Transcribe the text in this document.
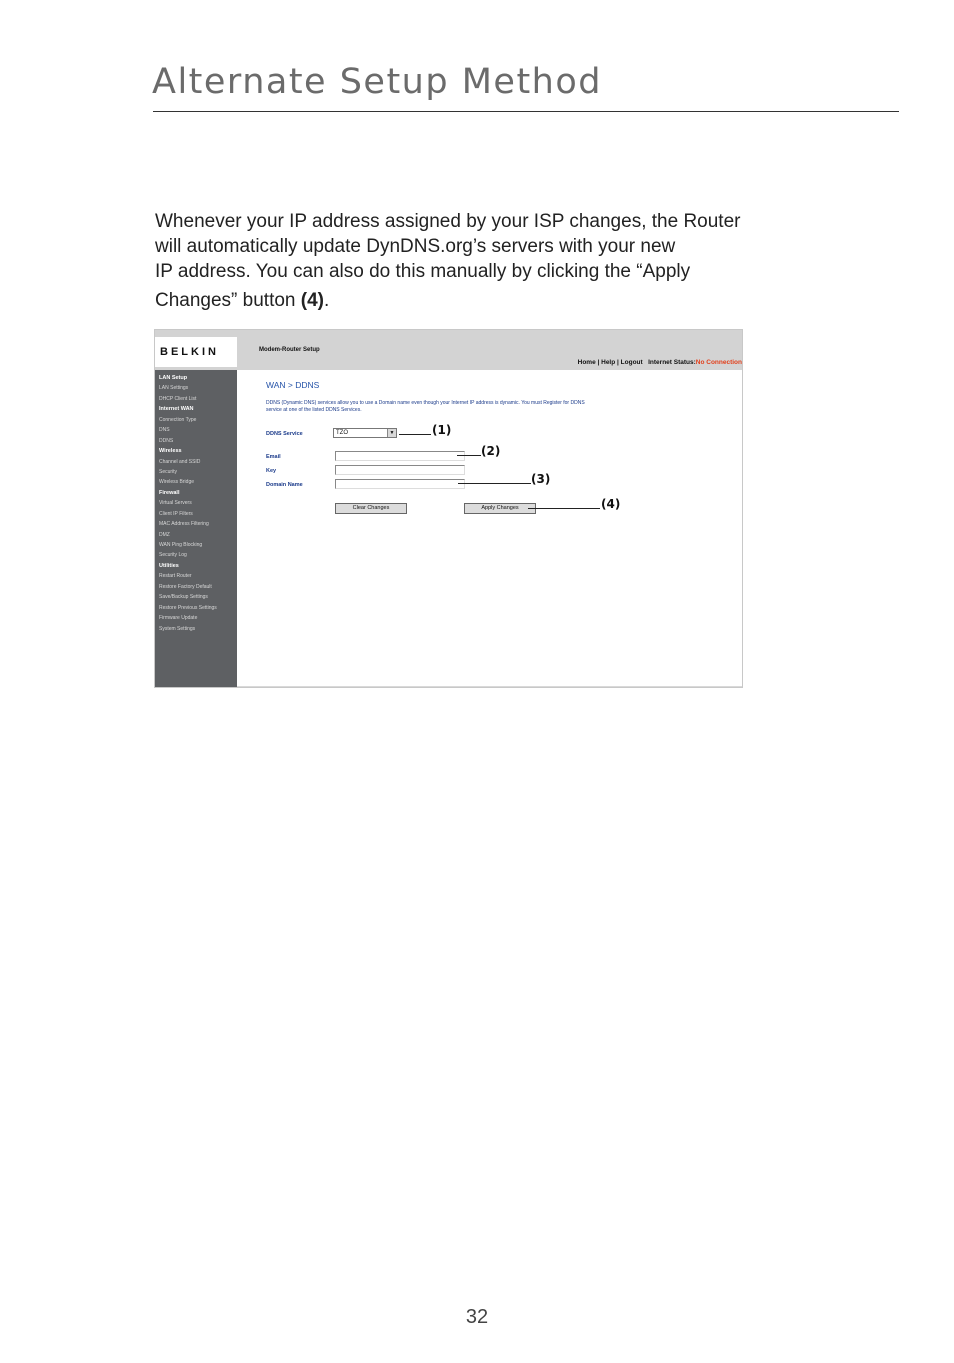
Alternate Setup Method

Whenever your IP address assigned by your ISP changes, the Router

will automatically update DynDNS.org’s servers with your new

IP address. You can also do this manually by clicking the “Apply

Changes” button (4).

BELKIN	Modem-Router Setup
Home | Help | Logout Internet Status:No Connection
LAN Setup
LAN Settings
DHCP Client List
Internet WAN
Connection Type
DNS
DDNS
Wireless
Channel and SSID
Security
Wireless Bridge
Firewall
Virtual Servers
Client IP Filters
MAC Address Filtering
DMZ
WAN Ping Blocking
Security Log
Utilities
Restart Router
Restore Factory Default
Save/Backup Settings
Restore Previous Settings
Firmware Update
System Settings
WAN > DDNS
DDNS (Dynamic DNS) services allow you to use a Domain name even though your Internet IP address is dynamic. You must Register for DDNS service at one of the listed DDNS Services.
DDNS Service	TZO	▼
Email
Key
Domain Name
Clear Changes	Apply Changes
(1)
(2)
(3)
(4)
32
